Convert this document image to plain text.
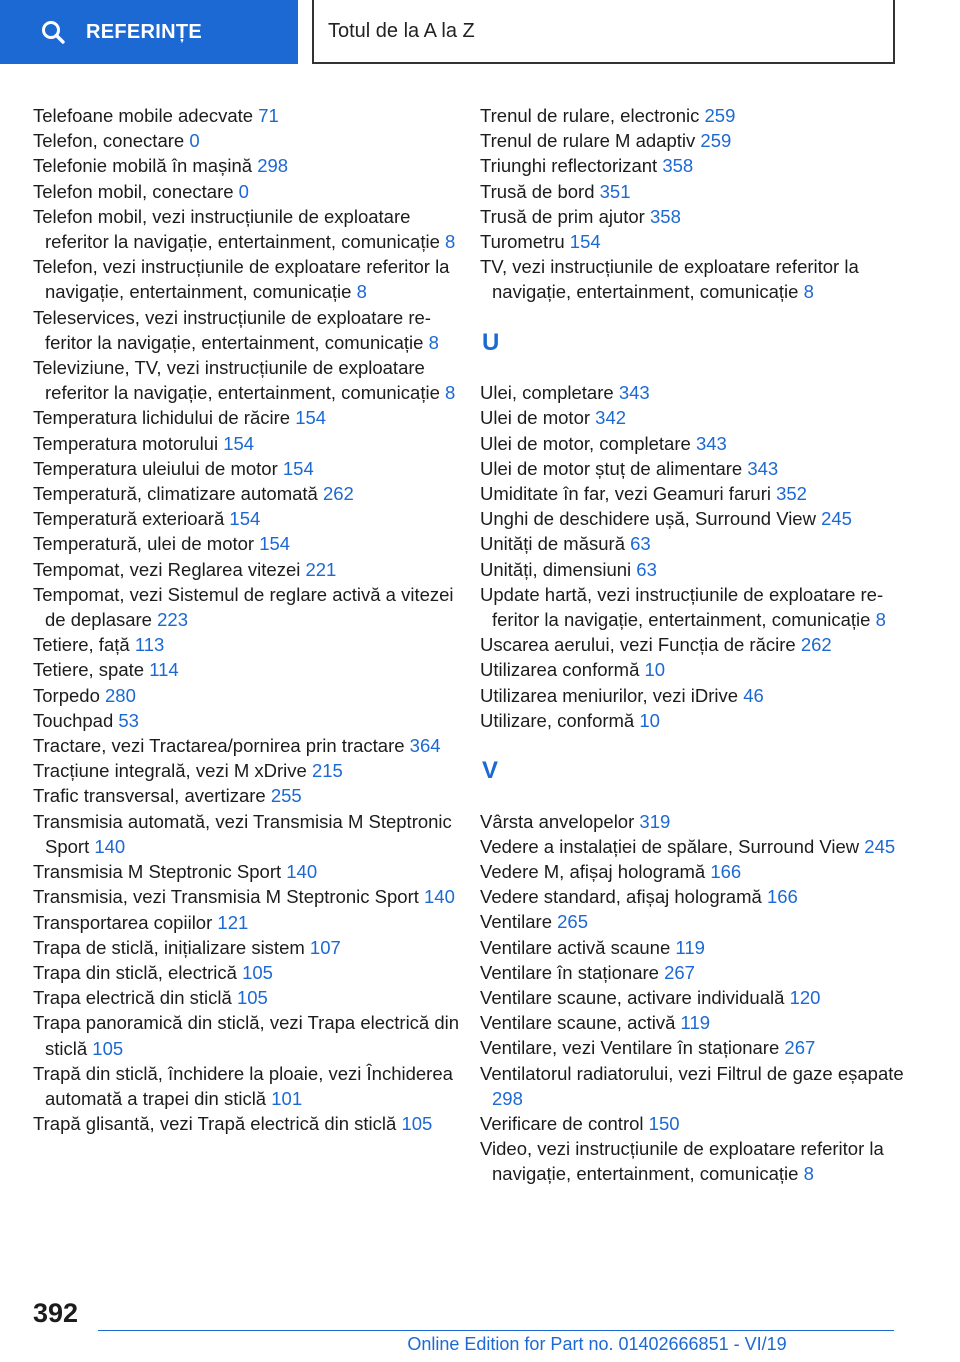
REFERINȚE	Totul de la A la Z

Telefoane mobile adecvate 71

Telefon, conectare 0

Telefonie mobilă în mașină 298

Telefon mobil, conectare 0

Telefon mobil, vezi instrucțiunile de exploatare referitor la navigație, entertainment, comunicație 8

Telefon, vezi instrucțiunile de exploatare referitor la navigație, entertainment, comunicație 8

Teleservices, vezi instrucțiunile de exploatare referitor la navigație, entertainment, comunicație 8

Televiziune, TV, vezi instrucțiunile de exploatare referitor la navigație, entertainment, comunicație 8

Temperatura lichidului de răcire 154

Temperatura motorului 154

Temperatura uleiului de motor 154

Temperatură, climatizare automată 262

Temperatură exterioară 154

Temperatură, ulei de motor 154

Tempomat, vezi Reglarea vitezei 221

Tempomat, vezi Sistemul de reglare activă a vitezei de deplasare 223

Tetiere, față 113

Tetiere, spate 114

Torpedo 280

Touchpad 53

Tractare, vezi Tractarea/pornirea prin tractare 364

Tracțiune integrală, vezi M xDrive 215

Trafic transversal, avertizare 255

Transmisia automată, vezi Transmisia M Steptronic Sport 140

Transmisia M Steptronic Sport 140

Transmisia, vezi Transmisia M Steptronic Sport 140

Transportarea copiilor 121

Trapa de sticlă, inițializare sistem 107

Trapa din sticlă, electrică 105

Trapa electrică din sticlă 105

Trapa panoramică din sticlă, vezi Trapa electrică din sticlă 105

Trapă din sticlă, închidere la ploaie, vezi Închiderea automată a trapei din sticlă 101

Trapă glisantă, vezi Trapă electrică din sticlă 105

Trenul de rulare, electronic 259

Trenul de rulare M adaptiv 259

Triunghi reflectorizant 358

Trusă de bord 351

Trusă de prim ajutor 358

Turometru 154

TV, vezi instrucțiunile de exploatare referitor la navigație, entertainment, comunicație 8

U

Ulei, completare 343

Ulei de motor 342

Ulei de motor, completare 343

Ulei de motor ștuț de alimentare 343

Umiditate în far, vezi Geamuri faruri 352

Unghi de deschidere ușă, Surround View 245

Unități de măsură 63

Unități, dimensiuni 63

Update hartă, vezi instrucțiunile de exploatare referitor la navigație, entertainment, comunicație 8

Uscarea aerului, vezi Funcția de răcire 262

Utilizarea conformă 10

Utilizarea meniurilor, vezi iDrive 46

Utilizare, conformă 10

V

Vârsta anvelopelor 319

Vedere a instalației de spălare, Surround View 245

Vedere M, afișaj hologramă 166

Vedere standard, afișaj hologramă 166

Ventilare 265

Ventilare activă scaune 119

Ventilare în staționare 267

Ventilare scaune, activare individuală 120

Ventilare scaune, activă 119

Ventilare, vezi Ventilare în staționare 267

Ventilatorul radiatorului, vezi Filtrul de gaze eșapate 298

Verificare de control 150

Video, vezi instrucțiunile de exploatare referitor la navigație, entertainment, comunicație 8

392
Online Edition for Part no. 01402666851 - VI/19
